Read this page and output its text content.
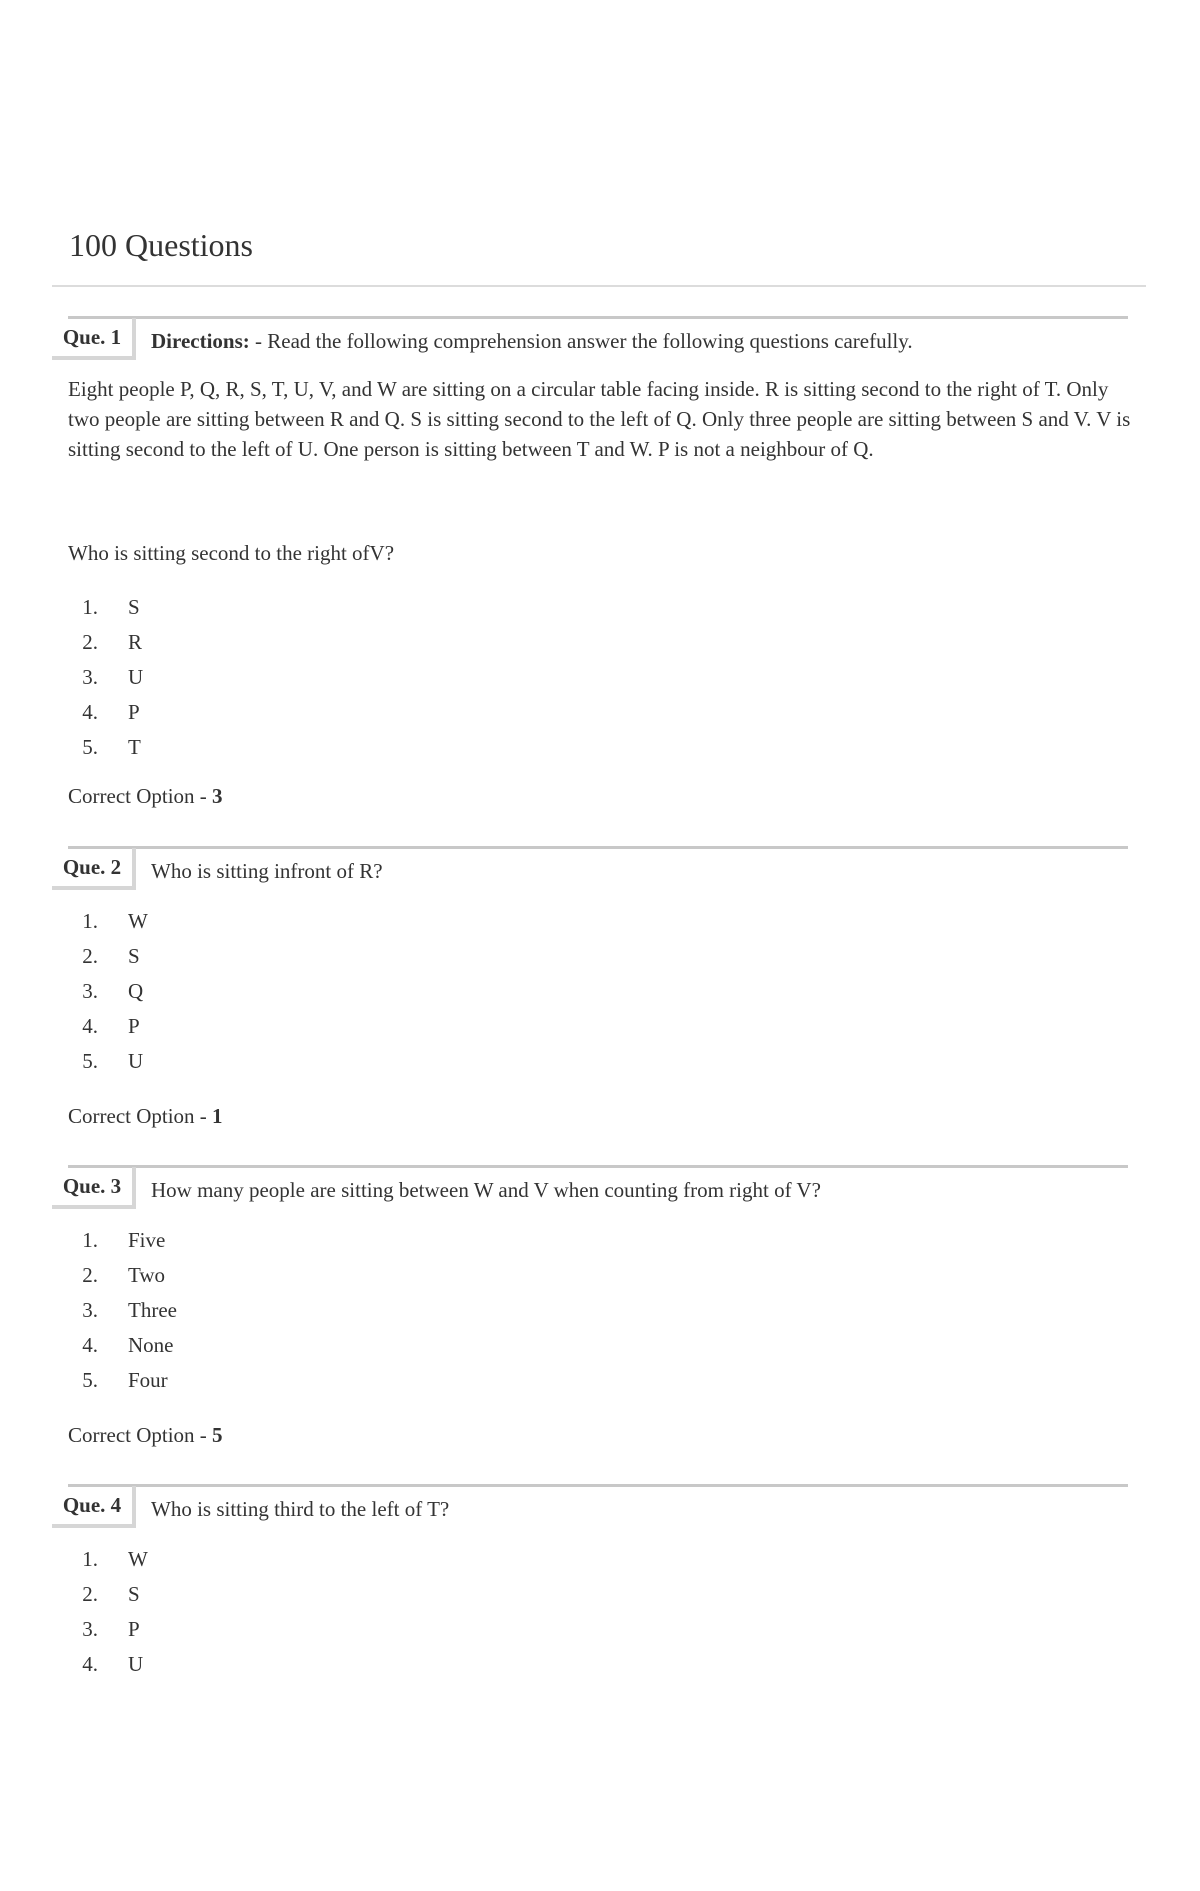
100 Questions
Que. 1	Directions: - Read the following comprehension answer the following questions carefully.
Eight people P, Q, R, S, T, U, V, and W are sitting on a circular table facing inside. R is sitting second to the right of T. Only two people are sitting between R and Q. S is sitting second to the left of Q. Only three people are sitting between S and V. V is sitting second to the left of U. One person is sitting between T and W. P is not a neighbour of Q.
Who is sitting second to the right ofV?
1. S
2. R
3. U
4. P
5. T
Correct Option - 3
Que. 2	Who is sitting infront of R?
1. W
2. S
3. Q
4. P
5. U
Correct Option - 1
Que. 3	How many people are sitting between W and V when counting from right of V?
1. Five
2. Two
3. Three
4. None
5. Four
Correct Option - 5
Que. 4	Who is sitting third to the left of T?
1. W
2. S
3. P
4. U
